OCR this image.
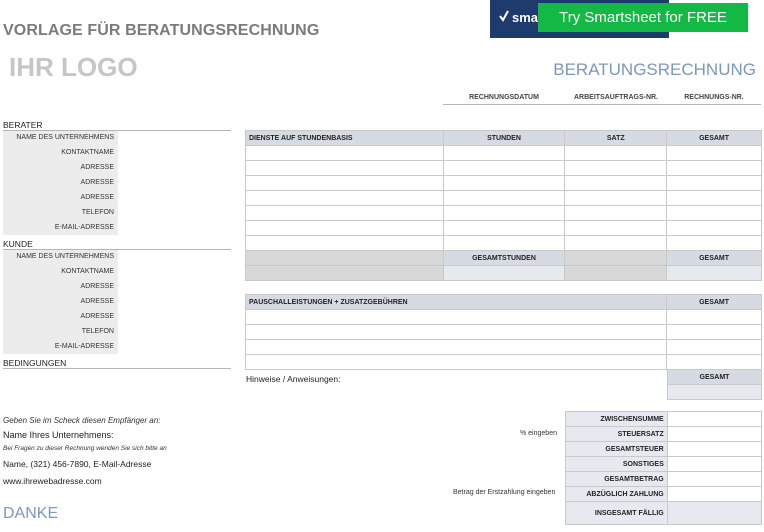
VORLAGE FÜR BERATUNGSRECHNUNG
IHR LOGO
sma	Try Smartsheet for FREE
BERATUNGSRECHNUNG
RECHNUNGSDATUM	ARBEITSAUFTRAGS-NR.	RECHNUNGS-NR.
BERATER
NAME DES UNTERNEHMENS
KONTAKTNAME
ADRESSE
ADRESSE
ADRESSE
TELEFON
E-MAIL-ADRESSE
KUNDE
NAME DES UNTERNEHMENS
KONTAKTNAME
ADRESSE
ADRESSE
ADRESSE
TELEFON
E-MAIL-ADRESSE
BEDINGUNGEN
DIENSTE AUF STUNDENBASIS	STUNDEN	SATZ	GESAMT

	GESAMTSTUNDEN		GESAMT

PAUSCHALLEISTUNGEN + ZUSATZGEBÜHREN	GESAMT

Hinweise / Anweisungen:	GESAMT

Geben Sie im Scheck diesen Empfänger an:
Name Ihres Unternehmens:
Bei Fragen zu dieser Rechnung wenden Sie sich bitte an
Name, (321) 456-7890, E-Mail-Adresse
www.ihrewebadresse.com
% eingeben
Betrag der Erstzahlung eingeben
ZWISCHENSUMME	
STEUERSATZ	
GESAMTSTEUER	
SONSTIGES	
GESAMTBETRAG	
ABZÜGLICH ZAHLUNG	
INSGESAMT FÄLLIG	
DANKE
